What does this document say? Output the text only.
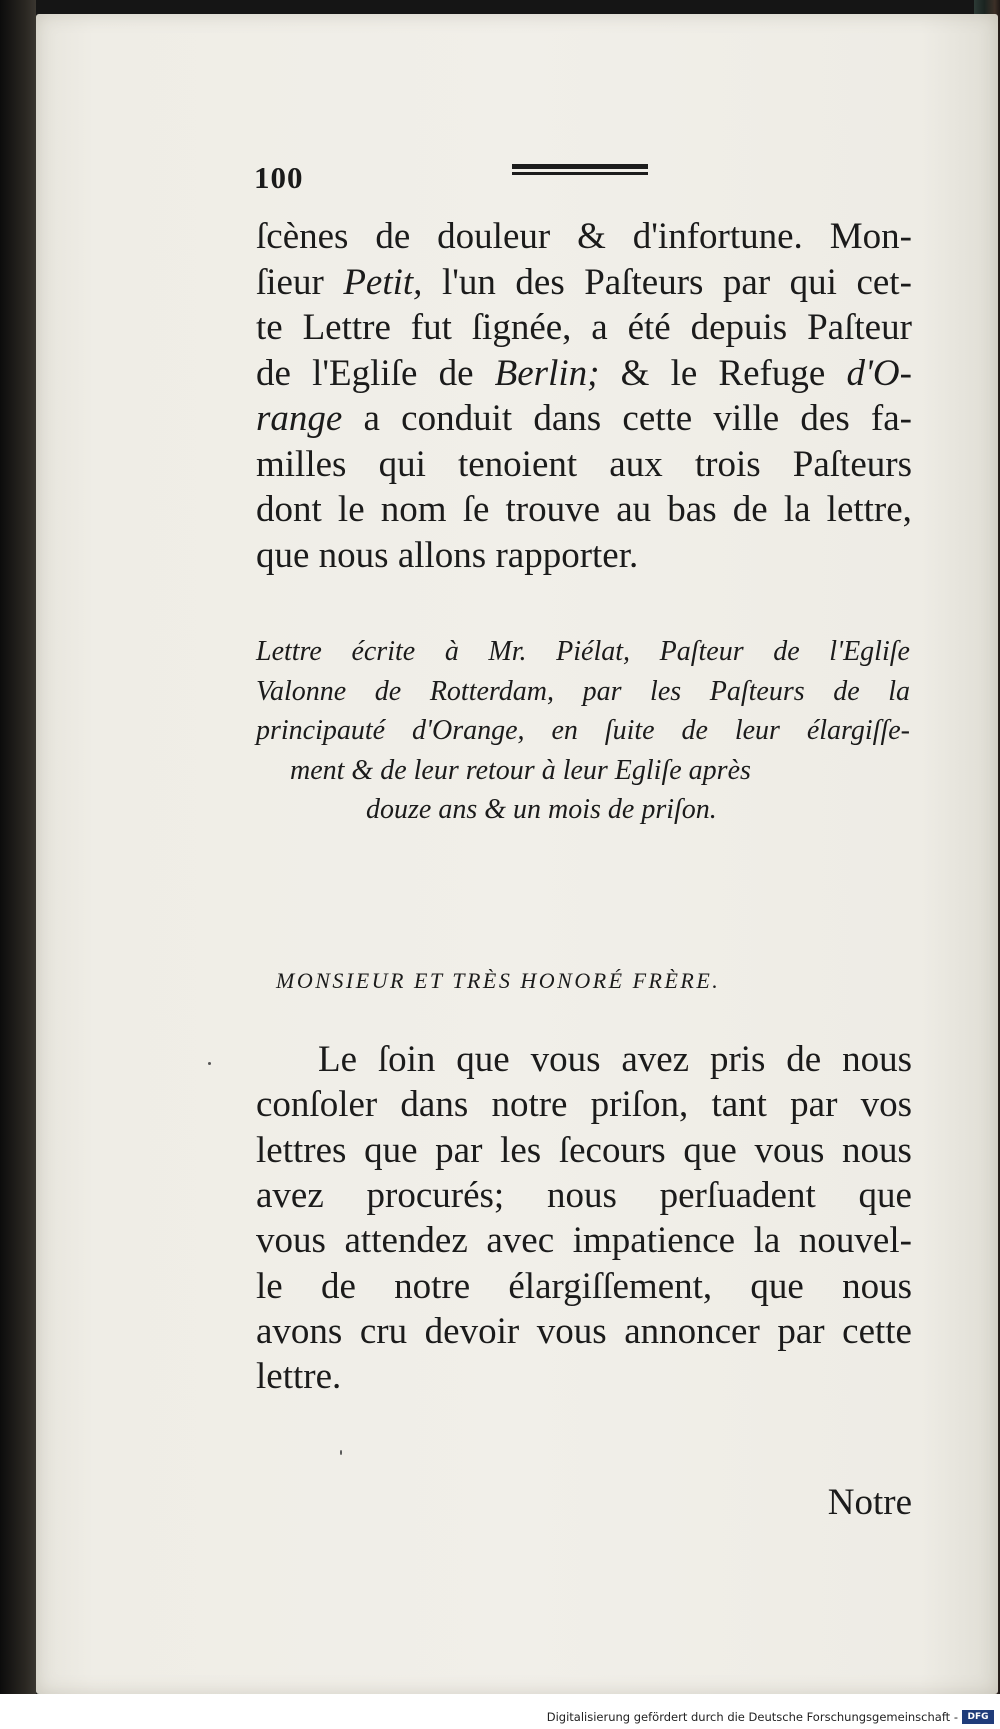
100
ſcènes de douleur & d'infortune. Mon-
ſieur Petit, l'un des Paſteurs par qui cet-
te Lettre fut ſignée, a été depuis Paſteur
de l'Egliſe de Berlin; & le Refuge d'O-
range a conduit dans cette ville des fa-
milles qui tenoient aux trois Paſteurs
dont le nom ſe trouve au bas de la lettre,
que nous allons rapporter.
Lettre écrite à Mr. Piélat, Paſteur de l'Egliſe
Valonne de Rotterdam, par les Paſteurs de la
principauté d'Orange, en ſuite de leur élargiſſe-
ment & de leur retour à leur Egliſe après
douze ans & un mois de priſon.
MONSIEUR ET TRÈS HONORÉ FRÈRE.
Le ſoin que vous avez pris de nous
conſoler dans notre priſon, tant par vos
lettres que par les ſecours que vous nous
avez procurés; nous perſuadent que
vous attendez avec impatience la nouvel-
le de notre élargiſſement, que nous
avons cru devoir vous annoncer par cette
lettre.
Notre
Digitalisierung gefördert durch die Deutsche Forschungsgemeinschaft -	DFG
